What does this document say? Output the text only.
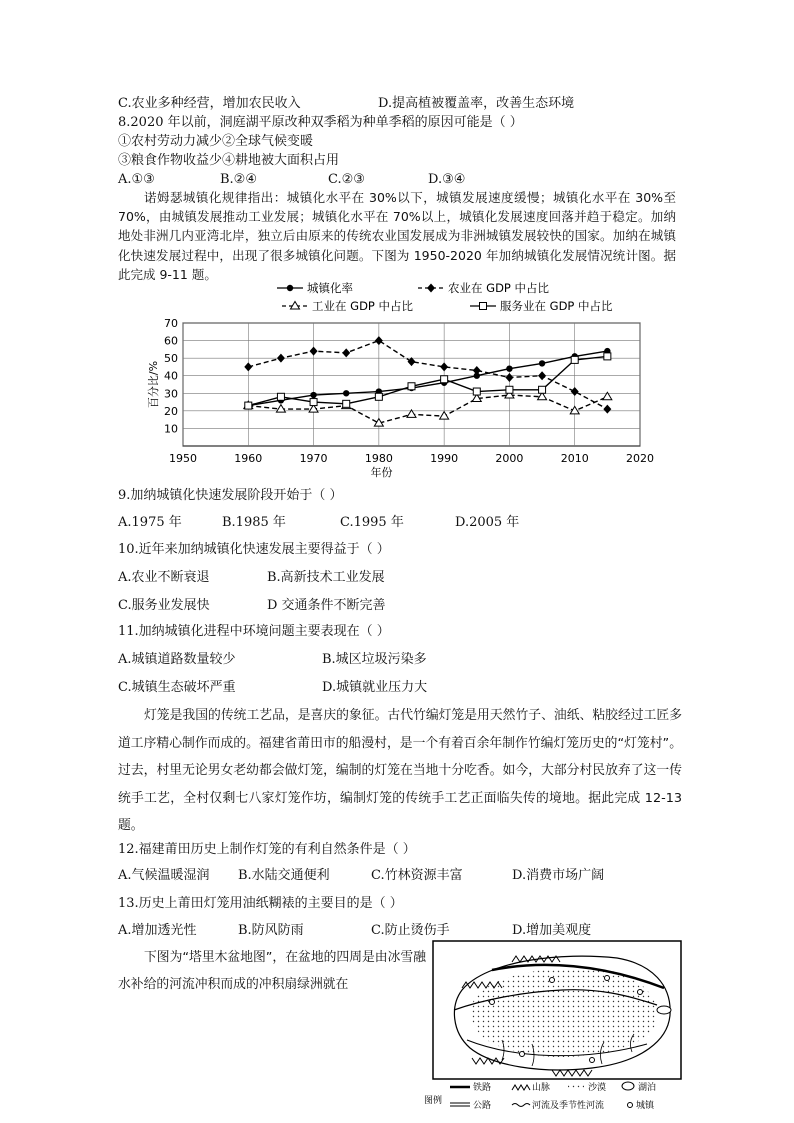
C.农业多种经营，增加农民收入	D.提高植被覆盖率，改善生态环境
8.2020 年以前，洞庭湖平原改种双季稻为种单季稻的原因可能是（ ）
①农村劳动力减少②全球气候变暖
③粮食作物收益少④耕地被大面积占用
A.①③	B.②④	C.②③	D.③④
诺姆瑟城镇化规律指出：城镇化水平在 30%以下，城镇发展速度缓慢；城镇化水平在 30%至 70%，由城镇发展推动工业发展；城镇化水平在 70%以上，城镇化发展速度回落并趋于稳定。加纳地处非洲几内亚湾北岸，独立后由原来的传统农业国发展成为非洲城镇发展较快的国家。加纳在城镇化快速发展过程中，出现了很多城镇化问题。下图为 1950-2020 年加纳城镇化发展情况统计图。据此完成 9-11 题。
城镇化率	农业在 GDP 中占比
工业在 GDP 中占比	服务业在 GDP 中占比
10
20
30
40
50
60
70
1950	1960	1970	1980	1990	2000	2010	2020
年份
百分比/%
9.加纳城镇化快速发展阶段开始于（ ）
A.1975 年	B.1985 年	C.1995 年	D.2005 年
10.近年来加纳城镇化快速发展主要得益于（ ）
A.农业不断衰退	B.高新技术工业发展
C.服务业发展快	D 交通条件不断完善
11.加纳城镇化进程中环境问题主要表现在（ ）
A.城镇道路数量较少	B.城区垃圾污染多
C.城镇生态破坏严重	D.城镇就业压力大
灯笼是我国的传统工艺品，是喜庆的象征。古代竹编灯笼是用天然竹子、油纸、粘胶经过工匠多道工序精心制作而成的。福建省莆田市的船漫村，是一个有着百余年制作竹编灯笼历史的“灯笼村”。过去，村里无论男女老幼都会做灯笼，编制的灯笼在当地十分吃香。如今，大部分村民放弃了这一传统手工艺，全村仅剩七八家灯笼作坊，编制灯笼的传统手工艺正面临失传的境地。据此完成 12-13 题。
12.福建莆田历史上制作灯笼的有利自然条件是（ ）
A.气候温暖湿润 B.水陆交通便利	C.竹林资源丰富	D.消费市场广阔
13.历史上莆田灯笼用油纸糊裱的主要目的是（ ）
A.增加透光性	B.防风防雨	C.防止烫伤手	D.增加美观度
下图为“塔里木盆地图”，在盆地的四周是由冰雪融水补给的河流冲积而成的冲积扇绿洲就在
图例
铁路
公路
山脉	沙漠	湖泊
河流及季节性河流	城镇
